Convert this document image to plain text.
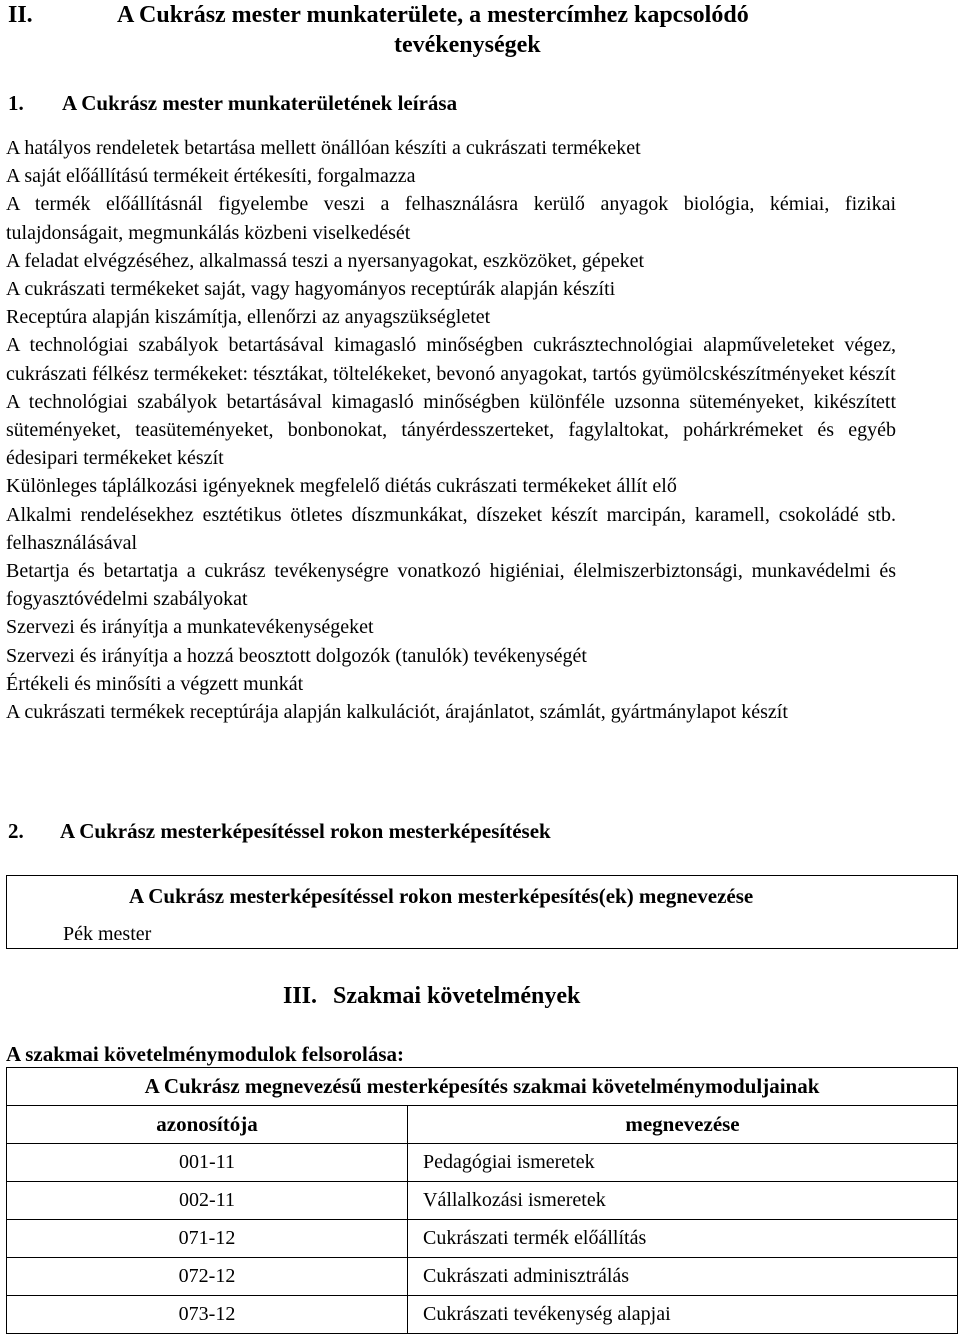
II.	A Cukrász mester munkaterülete, a mestercímhez kapcsolódó
tevékenységek
1. A Cukrász mester munkaterületének leírása

A hatályos rendeletek betartása mellett önállóan készíti a cukrászati termékeket

A saját előállítású termékeit értékesíti, forgalmazza

A termék előállításnál figyelembe veszi a felhasználásra kerülő anyagok biológia, kémiai, fizikai tulajdonságait, megmunkálás közbeni viselkedését

A feladat elvégzéséhez, alkalmassá teszi a nyersanyagokat, eszközöket, gépeket

A cukrászati termékeket saját, vagy hagyományos receptúrák alapján készíti

Receptúra alapján kiszámítja, ellenőrzi az anyagszükségletet

A technológiai szabályok betartásával kimagasló minőségben cukrásztechnológiai alapműveleteket végez, cukrászati félkész termékeket: tésztákat, töltelékeket, bevonó anyagokat, tartós gyümölcskészítményeket készít

A technológiai szabályok betartásával kimagasló minőségben különféle uzsonna süteményeket, kikészített süteményeket, teasüteményeket, bonbonokat, tányérdesszerteket, fagylaltokat, pohárkrémeket és egyéb édesipari termékeket készít

Különleges táplálkozási igényeknek megfelelő diétás cukrászati termékeket állít elő

Alkalmi rendelésekhez esztétikus ötletes díszmunkákat, díszeket készít marcipán, karamell, csokoládé stb. felhasználásával

Betartja és betartatja a cukrász tevékenységre vonatkozó higiéniai, élelmiszerbiztonsági, munkavédelmi és fogyasztóvédelmi szabályokat

Szervezi és irányítja a munkatevékenységeket

Szervezi és irányítja a hozzá beosztott dolgozók (tanulók) tevékenységét

Értékeli és minősíti a végzett munkát

A cukrászati termékek receptúrája alapján kalkulációt, árajánlatot, számlát, gyártmánylapot készít

2. A Cukrász mesterképesítéssel rokon mesterképesítések
A Cukrász mesterképesítéssel rokon mesterképesítés(ek) megnevezése
Pék mester
III. Szakmai követelmények
A szakmai követelménymodulok felsorolása:
A Cukrász megnevezésű mesterképesítés szakmai követelménymoduljainak	
azonosítója	megnevezése
001-11	Pedagógiai ismeretek
002-11	Vállalkozási ismeretek
071-12	Cukrászati termék előállítás
072-12	Cukrászati adminisztrálás
073-12	Cukrászati tevékenység alapjai
